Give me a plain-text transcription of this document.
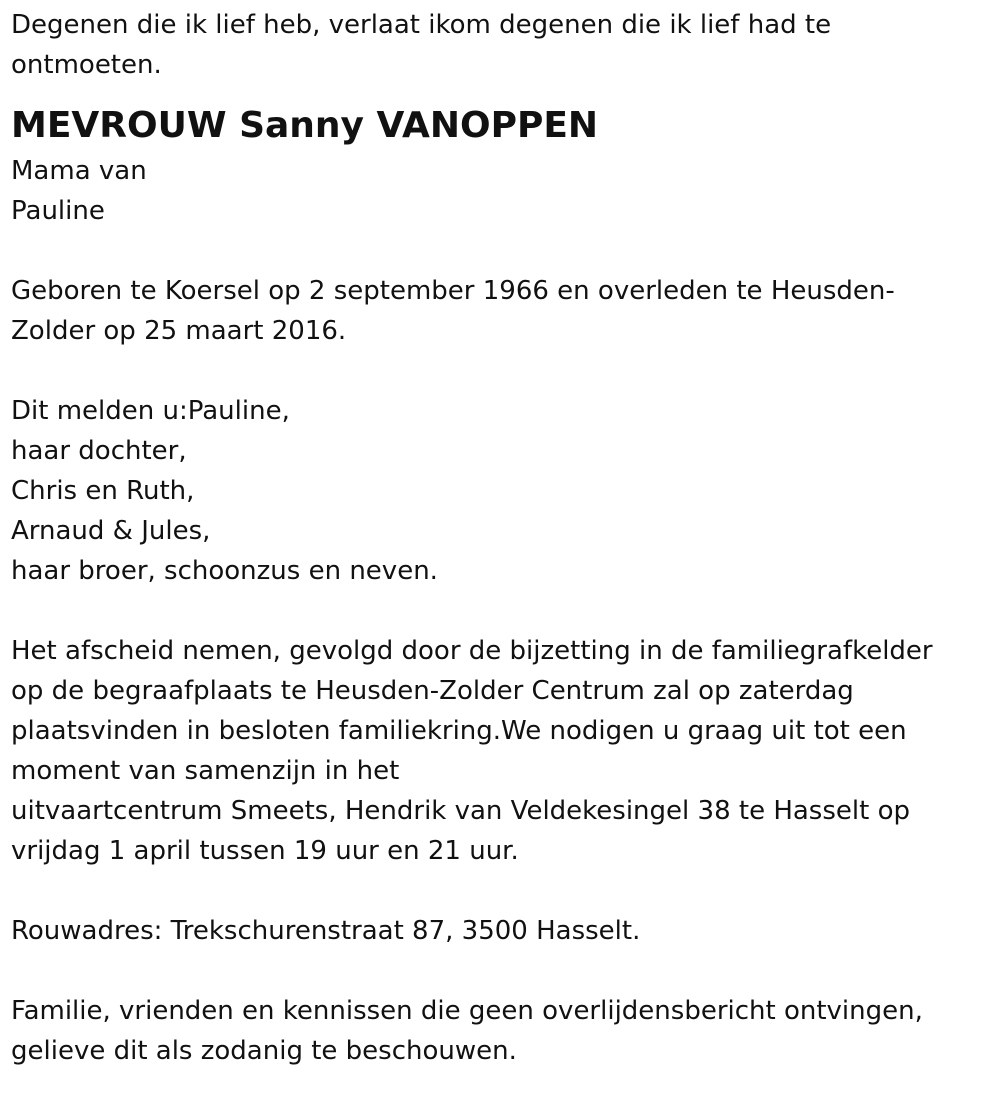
Degenen die ik lief heb, verlaat ikom degenen die ik lief had te

ontmoeten.

MEVROUW Sanny VANOPPEN

Mama van

Pauline

Geboren te Koersel op 2 september 1966 en overleden te Heusden-

Zolder op 25 maart 2016.

Dit melden u:Pauline,

haar dochter,

Chris en Ruth,

Arnaud & Jules,

haar broer, schoonzus en neven.

Het afscheid nemen, gevolgd door de bijzetting in de familiegrafkelder

op de begraafplaats te Heusden-Zolder Centrum zal op zaterdag

plaatsvinden in besloten familiekring.We nodigen u graag uit tot een

moment van samenzijn in het

uitvaartcentrum Smeets, Hendrik van Veldekesingel 38 te Hasselt op

vrijdag 1 april tussen 19 uur en 21 uur.

Rouwadres: Trekschurenstraat 87, 3500 Hasselt.

Familie, vrienden en kennissen die geen overlijdensbericht ontvingen,

gelieve dit als zodanig te beschouwen.
